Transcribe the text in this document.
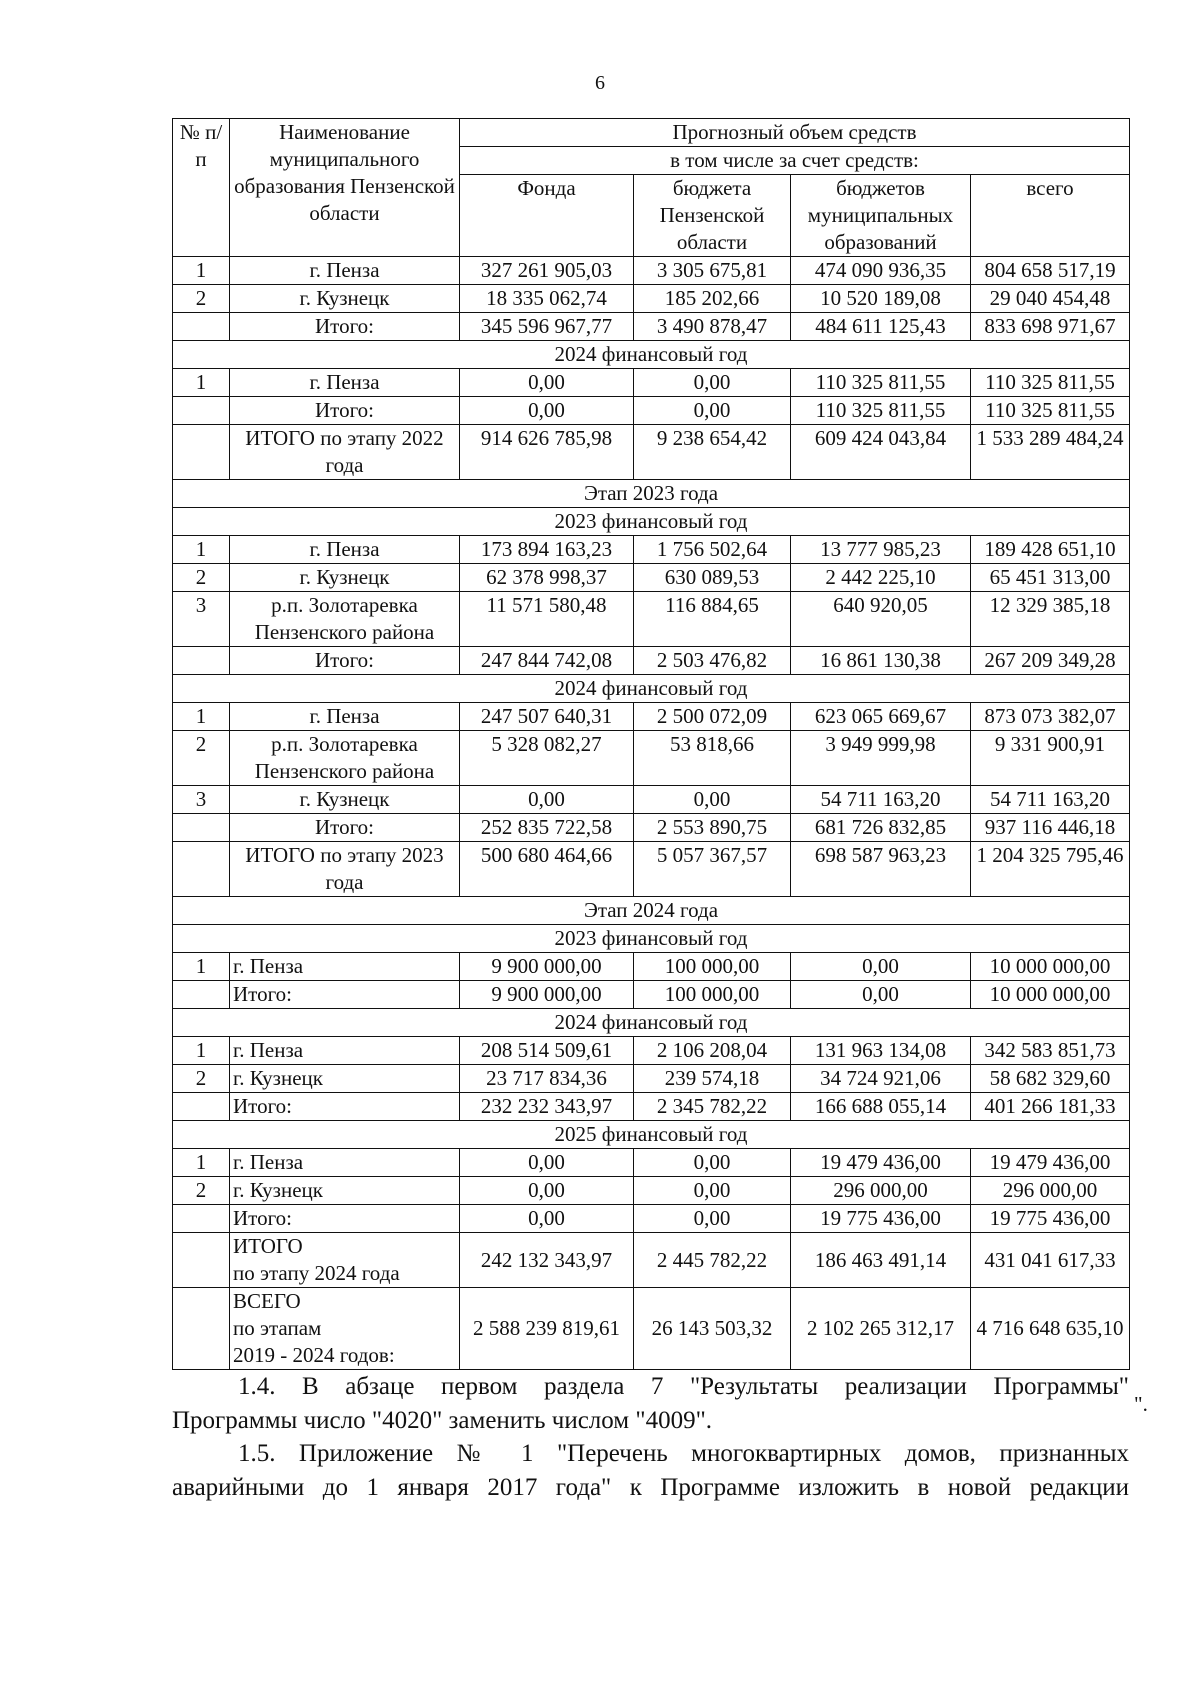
6
№ п/п	Наименование муниципального образования Пензенской области	Прогнозный объем средств			
		в том числе за счет средств:			
		Фонда	бюджета Пензенской области	бюджетов муниципальных образований	всего
1	г. Пенза	327 261 905,03	3 305 675,81	474 090 936,35	804 658 517,19
2	г. Кузнецк	18 335 062,74	185 202,66	10 520 189,08	29 040 454,48
	Итого:	345 596 967,77	3 490 878,47	484 611 125,43	833 698 971,67
2024 финансовый год					
1	г. Пенза	0,00	0,00	110 325 811,55	110 325 811,55
	Итого:	0,00	0,00	110 325 811,55	110 325 811,55
	ИТОГО по этапу 2022 года	914 626 785,98	9 238 654,42	609 424 043,84	1 533 289 484,24
Этап 2023 года					
2023 финансовый год					
1	г. Пенза	173 894 163,23	1 756 502,64	13 777 985,23	189 428 651,10
2	г. Кузнецк	62 378 998,37	630 089,53	2 442 225,10	65 451 313,00
3	р.п. Золотаревка Пензенского района	11 571 580,48	116 884,65	640 920,05	12 329 385,18
	Итого:	247 844 742,08	2 503 476,82	16 861 130,38	267 209 349,28
2024 финансовый год					
1	г. Пенза	247 507 640,31	2 500 072,09	623 065 669,67	873 073 382,07
2	р.п. Золотаревка Пензенского района	5 328 082,27	53 818,66	3 949 999,98	9 331 900,91
3	г. Кузнецк	0,00	0,00	54 711 163,20	54 711 163,20
	Итого:	252 835 722,58	2 553 890,75	681 726 832,85	937 116 446,18
	ИТОГО по этапу 2023 года	500 680 464,66	5 057 367,57	698 587 963,23	1 204 325 795,46
Этап 2024 года					
2023 финансовый год					
1	г. Пенза	9 900 000,00	100 000,00	0,00	10 000 000,00
	Итого:	9 900 000,00	100 000,00	0,00	10 000 000,00
2024 финансовый год					
1	г. Пенза	208 514 509,61	2 106 208,04	131 963 134,08	342 583 851,73
2	г. Кузнецк	23 717 834,36	239 574,18	34 724 921,06	58 682 329,60
	Итого:	232 232 343,97	2 345 782,22	166 688 055,14	401 266 181,33
2025 финансовый год					
1	г. Пенза	0,00	0,00	19 479 436,00	19 479 436,00
2	г. Кузнецк	0,00	0,00	296 000,00	296 000,00
	Итого:	0,00	0,00	19 775 436,00	19 775 436,00

	ИТОГО
по этапу 2024 года	242 132 343,97	2 445 782,22	186 463 491,14	431 041 617,33

	ВСЕГО
по этапам
2019 - 2024 годов:	2 588 239 819,61	26 143 503,32	2 102 265 312,17	4 716 648 635,10
".
1.4. В абзаце первом раздела 7 "Результаты реализации Программы"
Программы число "4020" заменить числом "4009".
1.5. Приложение № 1 "Перечень многоквартирных домов, признанных
аварийными до 1 января 2017 года" к Программе изложить в новой редакции
